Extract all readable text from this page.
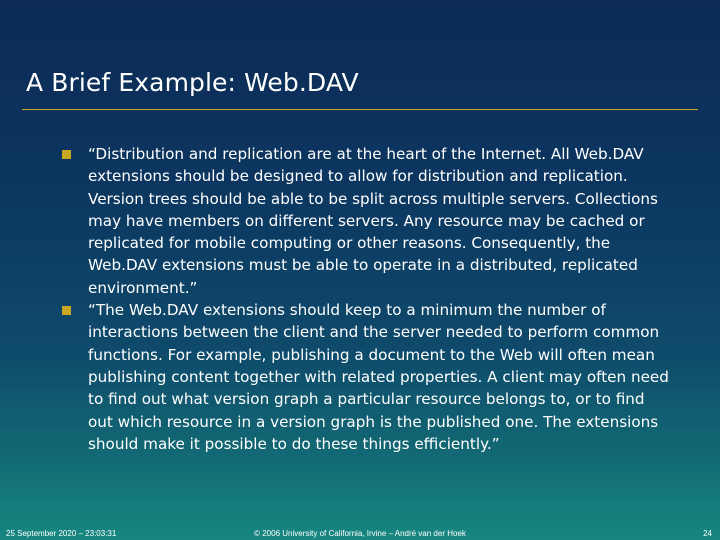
A Brief Example: Web.DAV
“Distribution and replication are at the heart of the Internet. All Web.DAV extensions should be designed to allow for distribution and replication. Version trees should be able to be split across multiple servers. Collections may have members on different servers. Any resource may be cached or replicated for mobile computing or other reasons. Consequently, the Web.DAV extensions must be able to operate in a distributed, replicated environment.”
“The Web.DAV extensions should keep to a minimum the number of interactions between the client and the server needed to perform common functions. For example, publishing a document to the Web will often mean publishing content together with related properties. A client may often need to find out what version graph a particular resource belongs to, or to find out which resource in a version graph is the published one. The extensions should make it possible to do these things efficiently.”
25 September 2020 – 23:03:31	© 2006 University of California, Irvine – André van der Hoek	24
